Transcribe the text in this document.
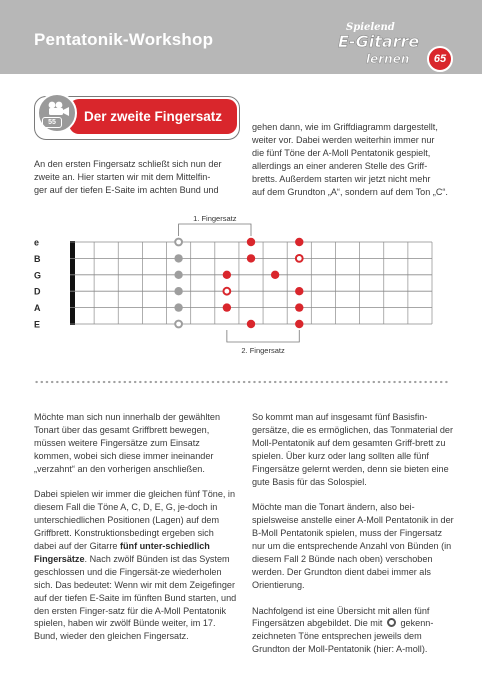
Pentatonik-Workshop
Spielend
E-Gitarre
lernen	65
Der zweite Fingersatz
55
An den ersten Fingersatz schließt sich nun der
zweite an. Hier starten wir mit dem Mittelfin-
ger auf der tiefen E-Saite im achten Bund und
gehen dann, wie im Griffdiagramm dargestellt,
weiter vor. Dabei werden weiterhin immer nur
die fünf Töne der A-Moll Pentatonik gespielt,
allerdings an einer anderen Stelle des Griff-
bretts. Außerdem starten wir jetzt nicht mehr
auf dem Grundton „A“, sondern auf dem Ton „C“.
e
B
G
D
A
E
1. Fingersatz
2. Fingersatz

Möchte man sich nun innerhalb der gewählten Tonart über das gesamt Griffbrett bewegen, müssen weitere Fingersätze zum Einsatz kommen, wobei sich diese immer ineinander „verzahnt“ an den vorherigen anschließen.

Dabei spielen wir immer die gleichen fünf Töne, in diesem Fall die Töne A, C, D, E, G, je-doch in unterschiedlichen Positionen (Lagen) auf dem Griffbrett. Konstruktionsbedingt ergeben sich dabei auf der Gitarre fünf unter-schiedlich Fingersätze. Nach zwölf Bünden ist das System geschlossen und die Fingersät-ze wiederholen sich. Das bedeutet: Wenn wir mit dem Zeigefinger auf der tiefen E-Saite im fünften Bund starten, und den ersten Finger-satz für die A-Moll Pentatonik spielen, haben wir zwölf Bünde weiter, im 17. Bund, wieder den gleichen Fingersatz.

So kommt man auf insgesamt fünf Basisfin-gersätze, die es ermöglichen, das Tonmaterial der Moll-Pentatonik auf dem gesamten Griff-brett zu spielen. Über kurz oder lang sollten alle fünf Fingersätze gelernt werden, denn sie bieten eine gute Basis für das Solospiel.

Möchte man die Tonart ändern, also bei-spielsweise anstelle einer A-Moll Pentatonik in der B-Moll Pentatonik spielen, muss der Fingersatz nur um die entsprechende Anzahl von Bünden (in diesem Fall 2 Bünde nach oben) verschoben werden. Der Grundton dient dabei immer als Orientierung.

Nachfolgend ist eine Übersicht mit allen fünf Fingersätzen abgebildet. Die mit  gekenn-zeichneten Töne entsprechen jeweils dem Grundton der Moll-Pentatonik (hier: A-moll).
